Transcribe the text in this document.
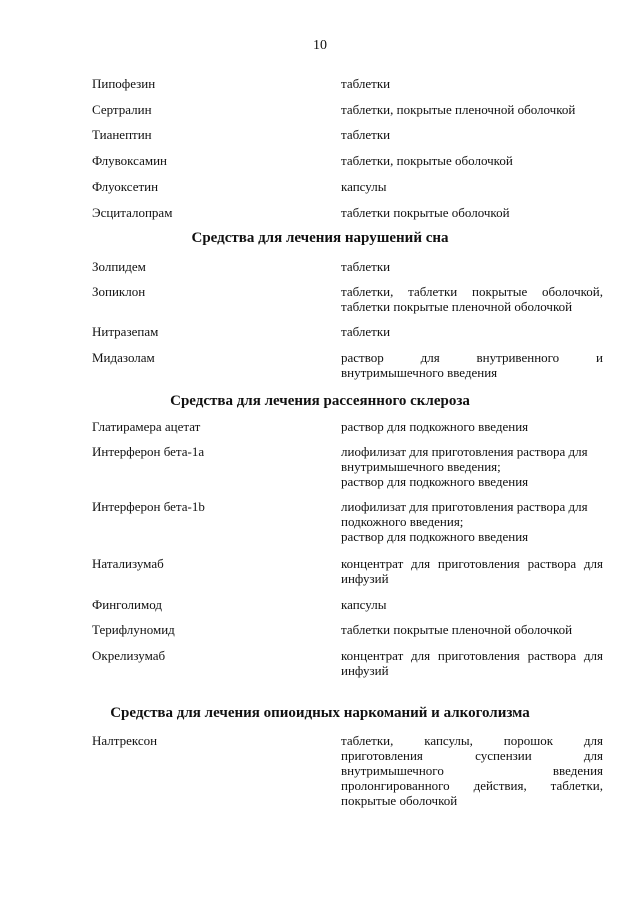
10
Пипофезин	таблетки
Сертралин	таблетки, покрытые пленочной оболочкой
Тианептин	таблетки
Флувоксамин	таблетки, покрытые оболочкой
Флуоксетин	капсулы
Эсциталопрам	таблетки покрытые оболочкой
Средства для лечения нарушений сна
Золпидем	таблетки
Зопиклон	таблетки, таблетки покрытые оболочкой,
таблетки покрытые пленочной оболочкой
Нитразепам	таблетки
Мидазолам	раствор для внутривенного и
внутримышечного введения
Средства для лечения рассеянного склероза
Глатирамера ацетат	раствор для подкожного введения
Интерферон бета-1а	лиофилизат для приготовления раствора для
внутримышечного введения;
раствор для подкожного введения
Интерферон бета-1b	лиофилизат для приготовления раствора для
подкожного введения;
раствор для подкожного введения
Натализумаб	концентрат для приготовления раствора для
инфузий
Финголимод	капсулы
Терифлуномид	таблетки покрытые пленочной оболочкой
Окрелизумаб	концентрат для приготовления раствора для
инфузий
Средства для лечения опиоидных наркоманий и алкоголизма
Налтрексон	таблетки, капсулы, порошок для
приготовления суспензии для
внутримышечного введения
пролонгированного действия, таблетки,
покрытые оболочкой
